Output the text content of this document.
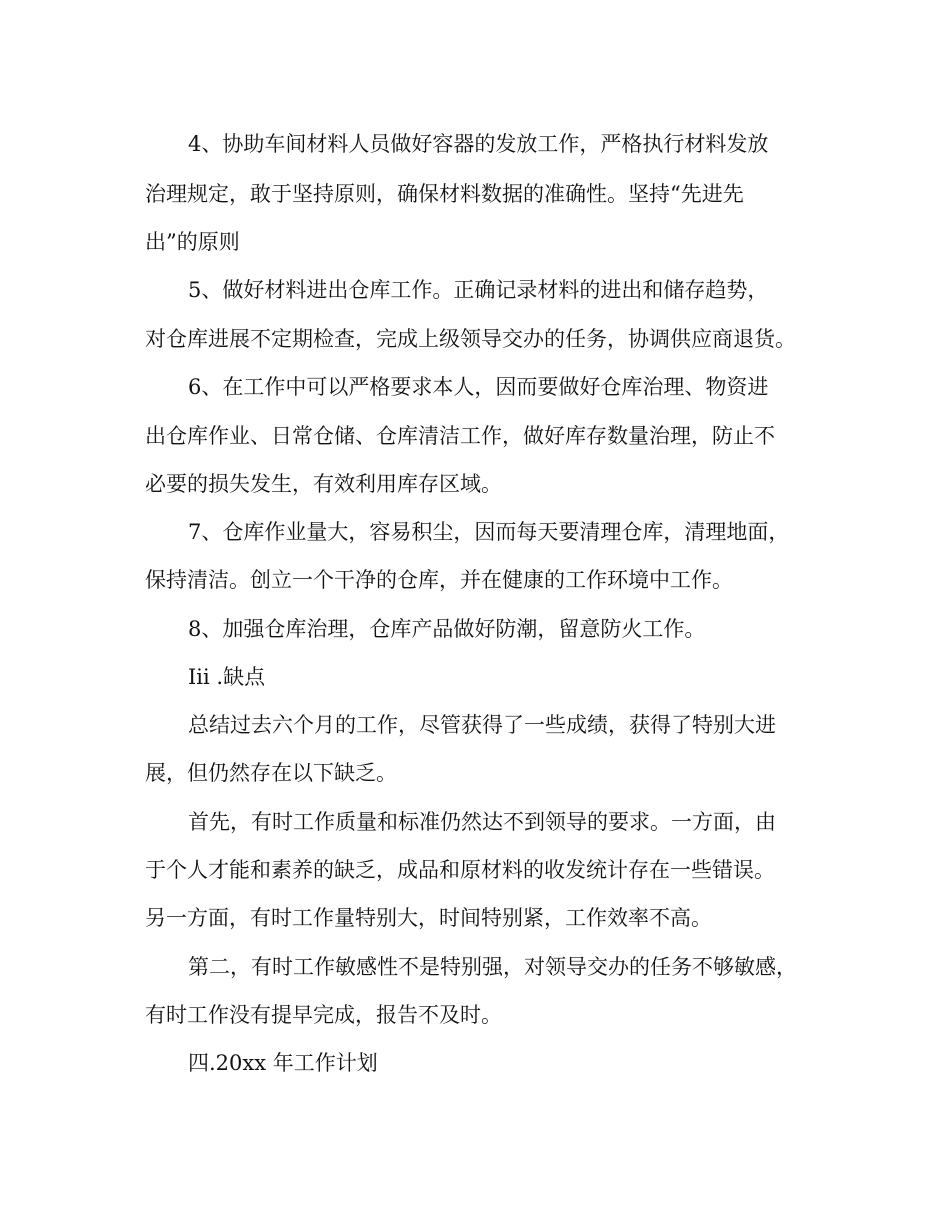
4、协助车间材料人员做好容器的发放工作，严格执行材料发放
治理规定，敢于坚持原则，确保材料数据的准确性。坚持“先进先
出”的原则
5、做好材料进出仓库工作。正确记录材料的进出和储存趋势，
对仓库进展不定期检查，完成上级领导交办的任务，协调供应商退货。
6、在工作中可以严格要求本人，因而要做好仓库治理、物资进
出仓库作业、日常仓储、仓库清洁工作，做好库存数量治理，防止不
必要的损失发生，有效利用库存区域。
7、仓库作业量大，容易积尘，因而每天要清理仓库，清理地面，
保持清洁。创立一个干净的仓库，并在健康的工作环境中工作。
8、加强仓库治理，仓库产品做好防潮，留意防火工作。
Iii .缺点
总结过去六个月的工作，尽管获得了一些成绩，获得了特别大进
展，但仍然存在以下缺乏。
首先，有时工作质量和标准仍然达不到领导的要求。一方面，由
于个人才能和素养的缺乏，成品和原材料的收发统计存在一些错误。
另一方面，有时工作量特别大，时间特别紧，工作效率不高。
第二，有时工作敏感性不是特别强，对领导交办的任务不够敏感，
有时工作没有提早完成，报告不及时。
四.20xx 年工作计划
